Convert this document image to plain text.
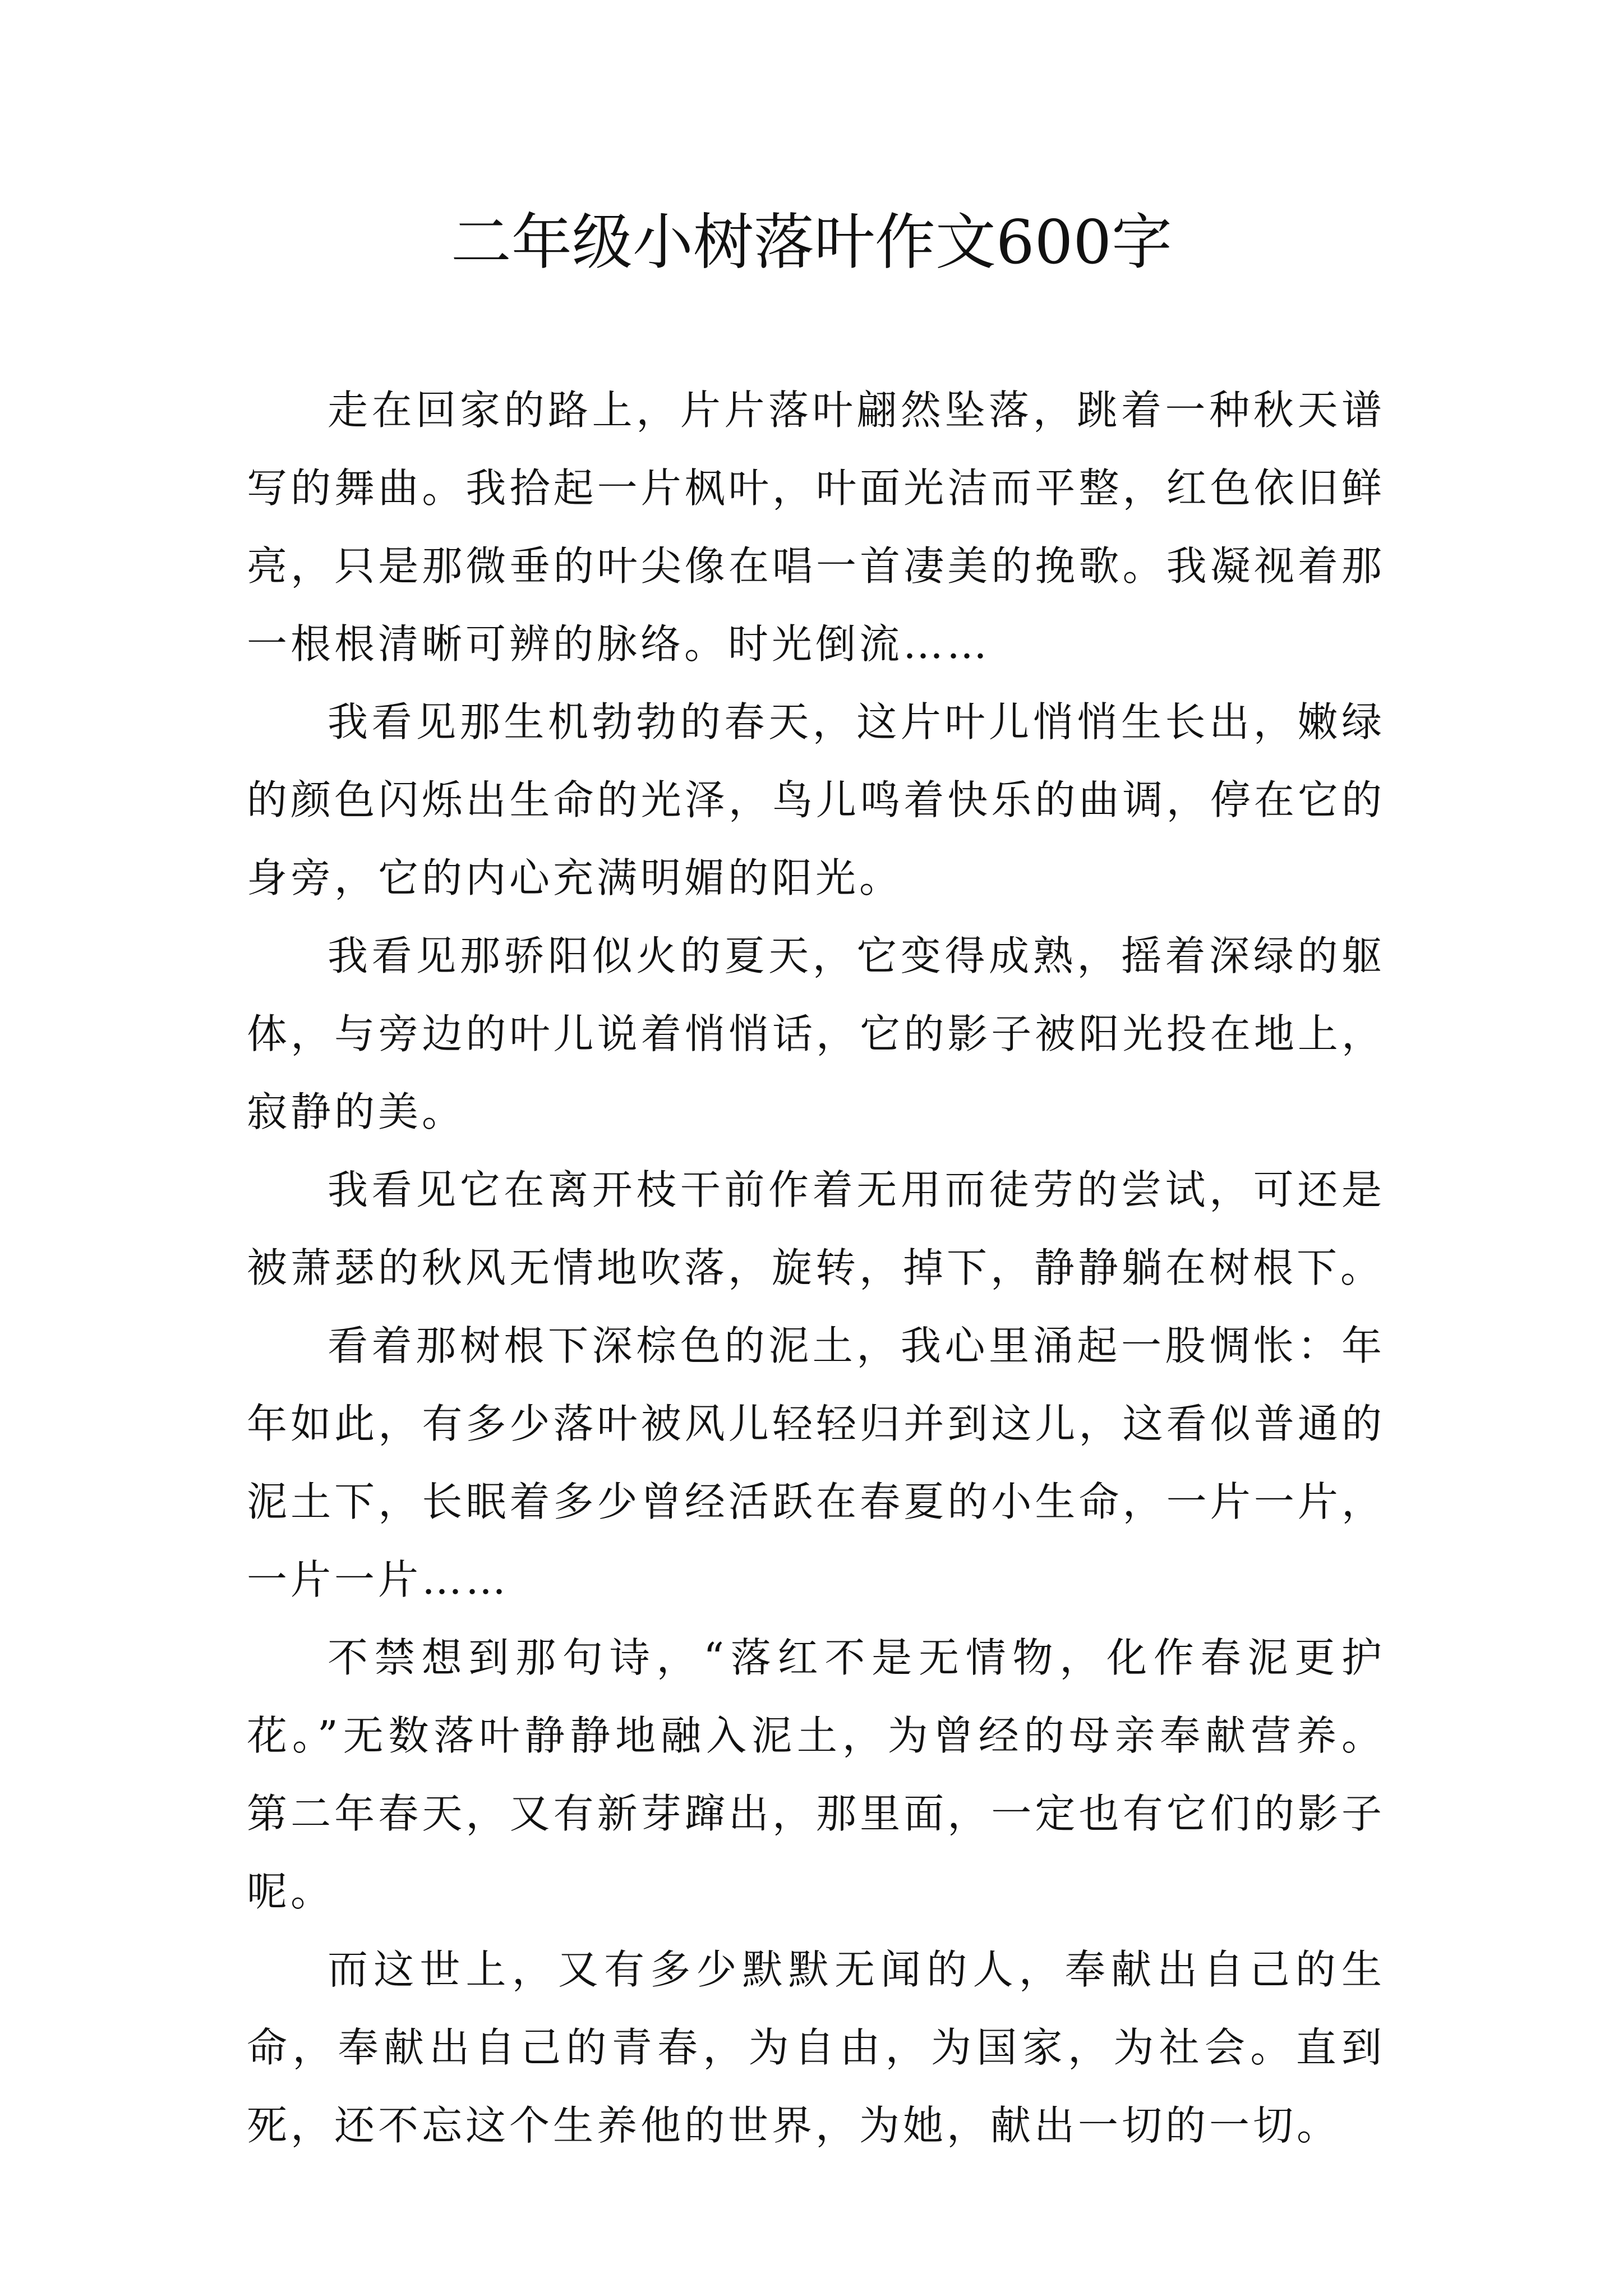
二年级小树落叶作文600字

走在回家的路上，片片落叶翩然坠落，跳着一种秋天谱写的舞曲。我拾起一片枫叶，叶面光洁而平整，红色依旧鲜亮，只是那微垂的叶尖像在唱一首凄美的挽歌。我凝视着那一根根清晰可辨的脉络。时光倒流……

我看见那生机勃勃的春天，这片叶儿悄悄生长出，嫩绿的颜色闪烁出生命的光泽，鸟儿鸣着快乐的曲调，停在它的身旁，它的内心充满明媚的阳光。

我看见那骄阳似火的夏天，它变得成熟，摇着深绿的躯体，与旁边的叶儿说着悄悄话，它的影子被阳光投在地上，寂静的美。

我看见它在离开枝干前作着无用而徒劳的尝试，可还是被萧瑟的秋风无情地吹落，旋转，掉下，静静躺在树根下。

看着那树根下深棕色的泥土，我心里涌起一股惆怅：年年如此，有多少落叶被风儿轻轻归并到这儿，这看似普通的泥土下，长眠着多少曾经活跃在春夏的小生命，一片一片，一片一片……

不禁想到那句诗，“落红不是无情物，化作春泥更护花。”无数落叶静静地融入泥土，为曾经的母亲奉献营养。第二年春天，又有新芽蹿出，那里面，一定也有它们的影子呢。

而这世上，又有多少默默无闻的人，奉献出自己的生命，奉献出自己的青春，为自由，为国家，为社会。直到死，还不忘这个生养他的世界，为她，献出一切的一切。
